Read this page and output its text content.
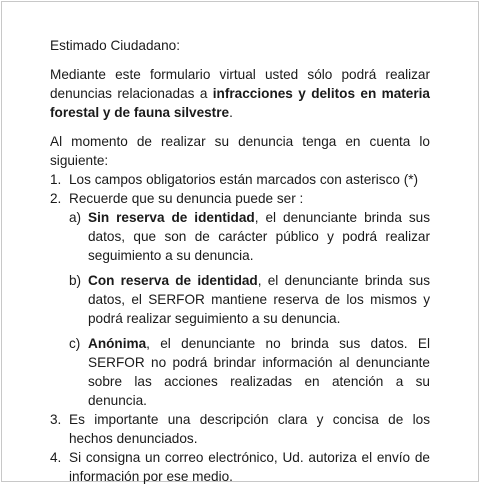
Estimado Ciudadano:

Mediante este formulario virtual usted sólo podrá realizar denuncias relacionadas a infracciones y delitos en materia forestal y de fauna silvestre.

Al momento de realizar su denuncia tenga en cuenta lo siguiente:

1. Los campos obligatorios están marcados con asterisco (*)
2. Recuerde que su denuncia puede ser :
a) Sin reserva de identidad, el denunciante brinda sus datos, que son de carácter público y podrá realizar seguimiento a su denuncia.
b) Con reserva de identidad, el denunciante brinda sus datos, el SERFOR mantiene reserva de los mismos y podrá realizar seguimiento a su denuncia.
c) Anónima, el denunciante no brinda sus datos. El SERFOR no podrá brindar información al denunciante sobre las acciones realizadas en atención a su denuncia.
3. Es importante una descripción clara y concisa de los hechos denunciados.
4. Si consigna un correo electrónico, Ud. autoriza el envío de información por ese medio.
